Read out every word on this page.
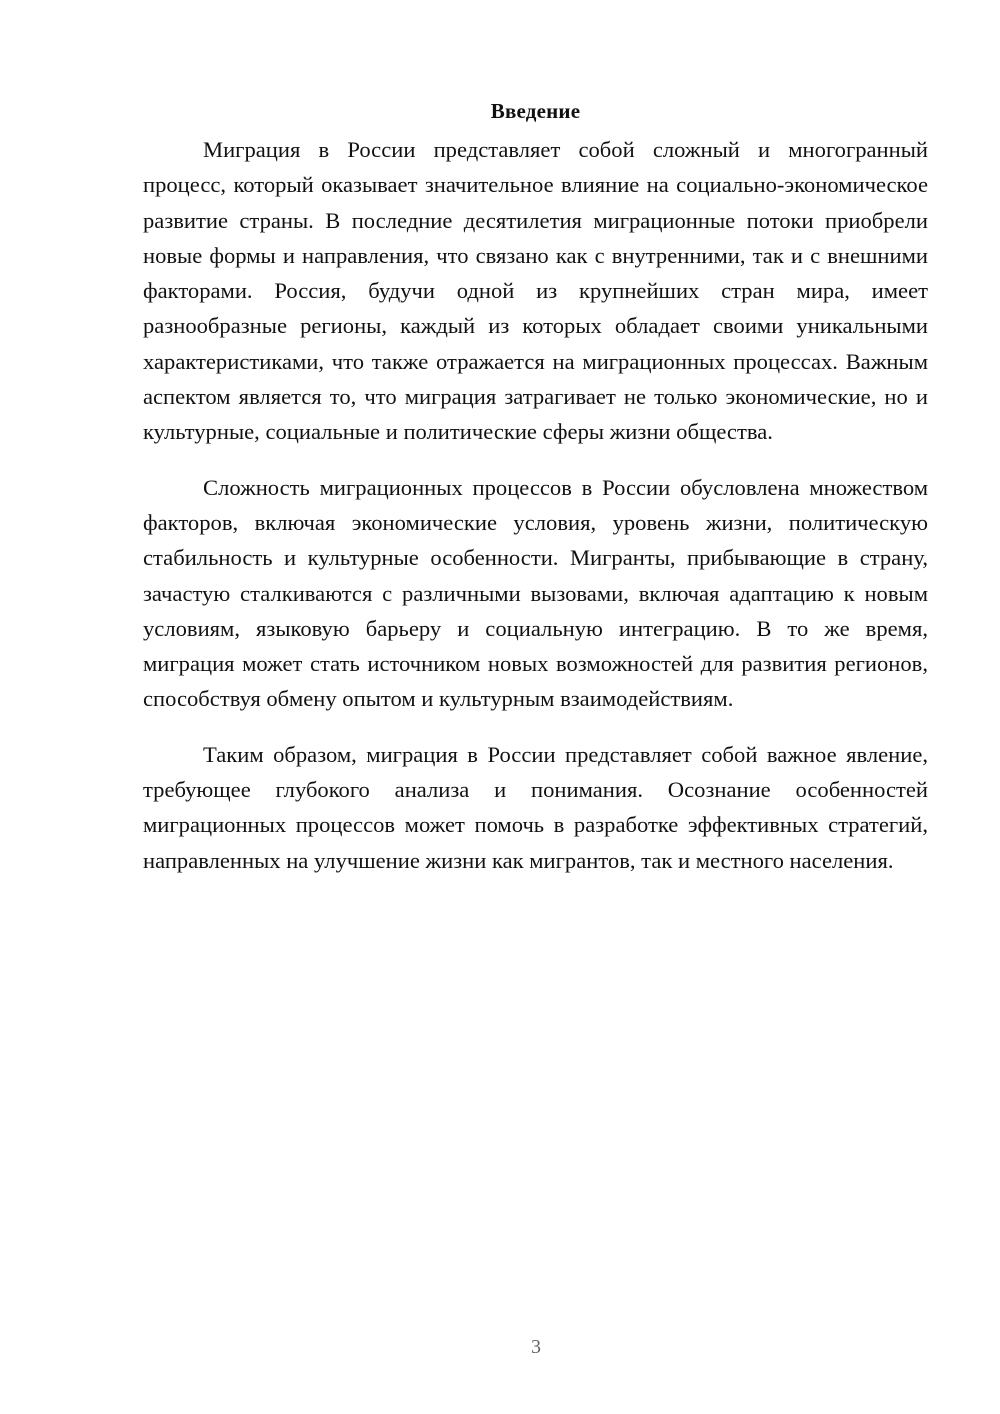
Введение

Миграция в России представляет собой сложный и многогранный процесс, который оказывает значительное влияние на социально-экономическое развитие страны. В последние десятилетия миграционные потоки приобрели новые формы и направления, что связано как с внутренними, так и с внешними факторами. Россия, будучи одной из крупнейших стран мира, имеет разнообразные регионы, каждый из которых обладает своими уникальными характеристиками, что также отражается на миграционных процессах. Важным аспектом является то, что миграция затрагивает не только экономические, но и культурные, социальные и политические сферы жизни общества.

Сложность миграционных процессов в России обусловлена множеством факторов, включая экономические условия, уровень жизни, политическую стабильность и культурные особенности. Мигранты, прибывающие в страну, зачастую сталкиваются с различными вызовами, включая адаптацию к новым условиям, языковую барьеру и социальную интеграцию. В то же время, миграция может стать источником новых возможностей для развития регионов, способствуя обмену опытом и культурным взаимодействиям.

Таким образом, миграция в России представляет собой важное явление, требующее глубокого анализа и понимания. Осознание особенностей миграционных процессов может помочь в разработке эффективных стратегий, направленных на улучшение жизни как мигрантов, так и местного населения.

3
